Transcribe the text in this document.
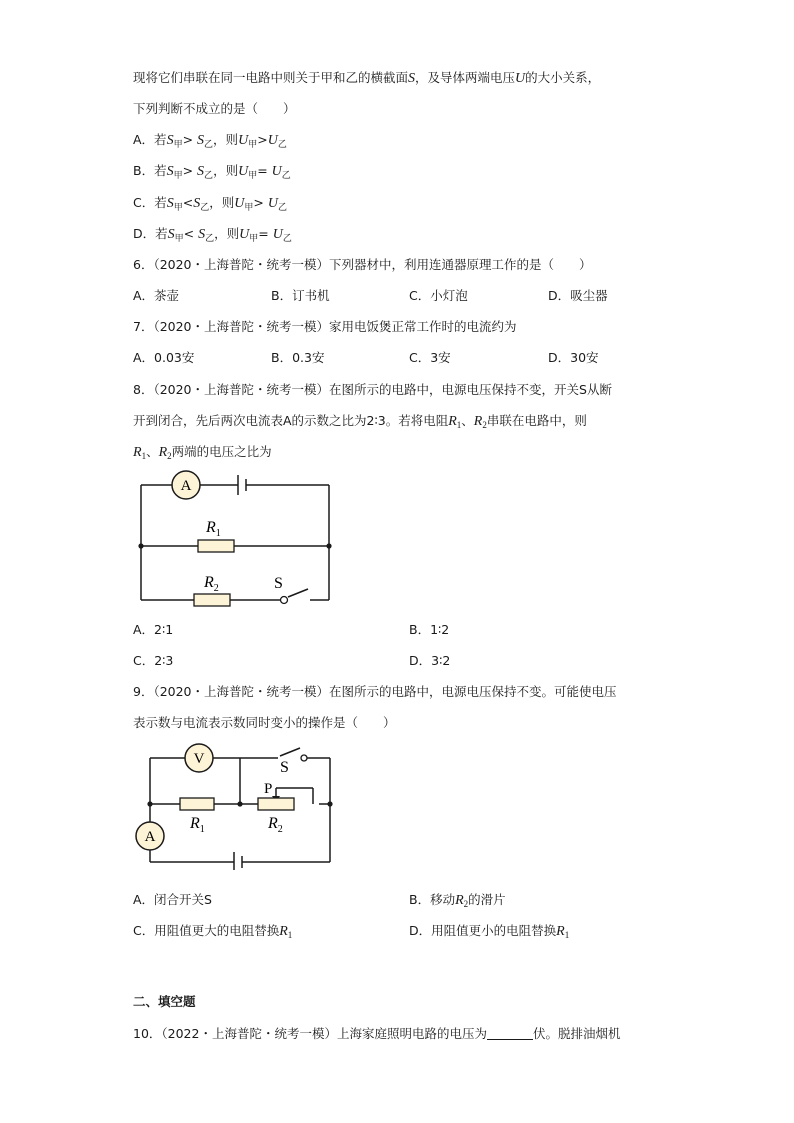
现将它们串联在同一电路中则关于甲和乙的横截面S，及导体两端电压U的大小关系，
下列判断不成立的是（　　）
A．若$S_甲> S_乙$，则$U_甲>U_乙$
B．若$S_甲> S_乙$，则$U_甲= U_乙$
C．若$S_甲<S_乙$，则$U_甲> U_乙$
D．若$S_甲< S_乙$，则$U_甲= U_乙$
6．（2020・上海普陀・统考一模）下列器材中，利用连通器原理工作的是（　　）
A．茶壶	B．订书机	C．小灯泡	D．吸尘器
7．（2020・上海普陀・统考一模）家用电饭煲正常工作时的电流约为
A．0.03安	B．0.3安	C．3安	D．30安
8．（2020・上海普陀・统考一模）在图所示的电路中，电源电压保持不变，开关S从断
开到闭合，先后两次电流表A的示数之比为2∶3。若将电阻$R_1$、$R_2$串联在电路中，则
$R_1$、$R_2$两端的电压之比为
A
$R_1$
$R_2$	S
A．2∶1	B．1∶2
C．2∶3	D．3∶2
9．（2020・上海普陀・统考一模）在图所示的电路中，电源电压保持不变。可能使电压
表示数与电流表示数同时变小的操作是（　　）
V
A
S
P
$R_1$	$R_2$
A．闭合开关S	B．移动$R_2$的滑片
C．用阻值更大的电阻替换$R_1$	D．用阻值更小的电阻替换$R_1$
二、填空题
10．（2022・上海普陀・统考一模）上海家庭照明电路的电压为	伏。脱排油烟机
